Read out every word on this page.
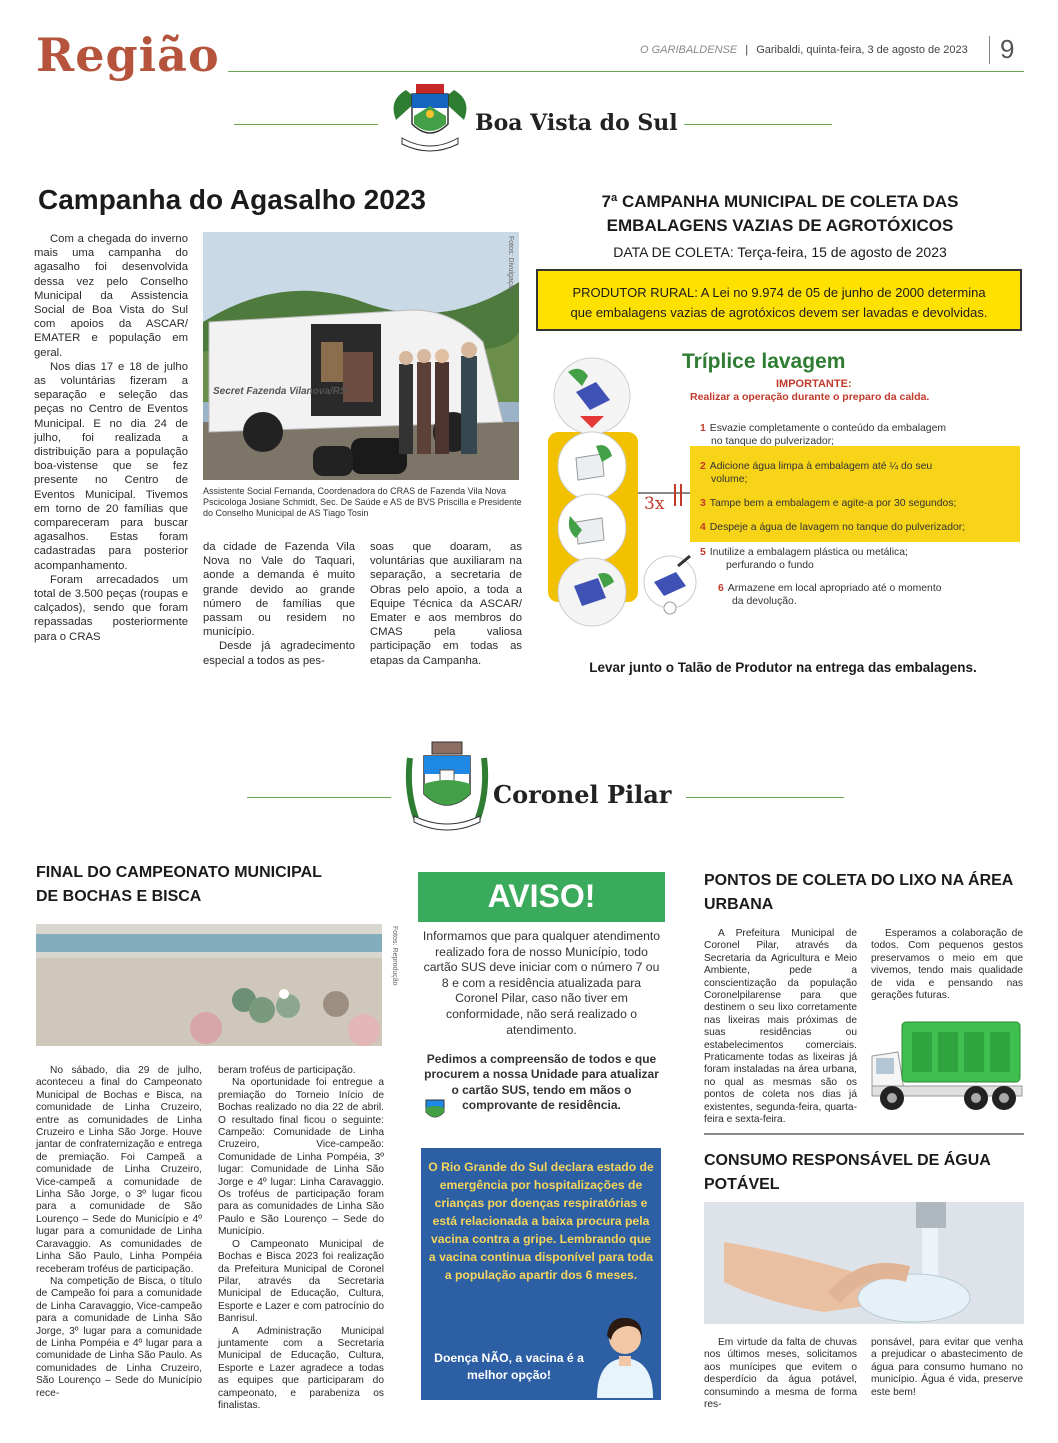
Região	O GARIBALDENSE | Garibaldi, quinta-feira, 3 de agosto de 2023 9
Boa Vista do Sul
Campanha do Agasalho 2023

Com a chegada do inverno mais uma campanha do agasalho foi desenvolvida dessa vez pelo Conselho Municipal da Assistencia Social de Boa Vista do Sul com apoios da ASCAR/ EMATER e população em geral.

Nos dias 17 e 18 de julho as voluntárias fizeram a separação e seleção das peças no Centro de Eventos Municipal. E no dia 24 de julho, foi realizada a distribuição para a população boa-vistense que se fez presente no Centro de Eventos Municipal. Tivemos em torno de 20 famílias que compareceram para buscar agasalhos. Estas foram cadastradas para posterior acompanhamento.

Foram arrecadados um total de 3.500 peças (roupas e calçados), sendo que foram repassadas posteriormente para o CRAS

Secret Fazenda Vilanova/RS
Fotos: Divulgação
Assistente Social Fernanda, Coordenadora do CRAS de Fazenda Vila Nova Pscicologa Josiane Schmidt, Sec. De Saúde e AS de BVS Priscilla e Presidente do Conselho Municipal de AS Tiago Tosin

da cidade de Fazenda Vila Nova no Vale do Taquari, aonde a demanda é muito grande devido ao grande número de famílias que passam ou residem no município.

Desde já agradecimento especial a todos as pes-

soas que doaram, as voluntárias que auxiliaram na separação, a secretaria de Obras pelo apoio, a toda a Equipe Técnica da ASCAR/ Emater e aos membros do CMAS pela valiosa participação em todas as etapas da Campanha.

7ª CAMPANHA MUNICIPAL DE COLETA DAS
EMBALAGENS VAZIAS DE AGROTÓXICOS
DATA DE COLETA: Terça-feira, 15 de agosto de 2023
PRODUTOR RURAL: A Lei no 9.974 de 05 de junho de 2000 determina
que embalagens vazias de agrotóxicos devem ser lavadas e devolvidas.
Tríplice lavagem
IMPORTANTE:
Realizar a operação durante o preparo da calda.
3x
1 Esvazie completamente o conteúdo da embalagem
no tanque do pulverizador;
2 Adicione água limpa à embalagem até ¼ do seu
volume;
3 Tampe bem a embalagem e agite-a por 30 segundos;
4 Despeje a água de lavagem no tanque do pulverizador;
5 Inutilize a embalagem plástica ou metálica;
perfurando o fundo
6 Armazene em local apropriado até o momento
da devolução.
Levar junto o Talão de Produtor na entrega das embalagens.
Coronel Pilar
FINAL DO CAMPEONATO MUNICIPAL
DE BOCHAS E BISCA
Fotos: Reprodução

No sábado, dia 29 de julho, aconteceu a final do Campeonato Municipal de Bochas e Bisca, na comunidade de Linha Cruzeiro, entre as comunidades de Linha Cruzeiro e Linha São Jorge. Houve jantar de confraternização e entrega de premiação. Foi Campeã a comunidade de Linha Cruzeiro, Vice-campeã a comunidade de Linha São Jorge, o 3º lugar ficou para a comunidade de São Lourenço – Sede do Município e 4º lugar para a comunidade de Linha Caravaggio. As comunidades de Linha São Paulo, Linha Pompéia receberam troféus de participação.

Na competição de Bisca, o título de Campeão foi para a comunidade de Linha Caravaggio, Vice-campeão para a comunidade de Linha São Jorge, 3º lugar para a comunidade de Linha Pompéia e 4º lugar para a comunidade de Linha São Paulo. As comunidades de Linha Cruzeiro, São Lourenço – Sede do Município rece-

beram troféus de participação.

Na oportunidade foi entregue a premiação do Torneio Início de Bochas realizado no dia 22 de abril. O resultado final ficou o seguinte: Campeão: Comunidade de Linha Cruzeiro, Vice-campeão: Comunidade de Linha Pompéia, 3º lugar: Comunidade de Linha São Jorge e 4º lugar: Linha Caravaggio. Os troféus de participação foram para as comunidades de Linha São Paulo e São Lourenço – Sede do Município.

O Campeonato Municipal de Bochas e Bisca 2023 foi realização da Prefeitura Municipal de Coronel Pilar, através da Secretaria Municipal de Educação, Cultura, Esporte e Lazer e com patrocínio do Banrisul.

A Administração Municipal juntamente com a Secretaria Municipal de Educação, Cultura, Esporte e Lazer agradece a todas as equipes que participaram do campeonato, e parabeniza os finalistas.

AVISO!
Informamos que para qualquer atendimento realizado fora de nosso Município, todo cartão SUS deve iniciar com o número 7 ou 8 e com a residência atualizada para Coronel Pilar, caso não tiver em conformidade, não será realizado o atendimento.
Pedimos a compreensão de todos e que procurem a nossa Unidade para atualizar o cartão SUS, tendo em mãos o comprovante de residência.
O Rio Grande do Sul declara estado de emergência por hospitalizações de crianças por doenças respiratórias e está relacionada a baixa procura pela vacina contra a gripe. Lembrando que a vacina continua disponível para toda a população apartir dos 6 meses.
Doença NÃO, a vacina é a melhor opção!
PONTOS DE COLETA DO LIXO NA ÁREA
URBANA

A Prefeitura Municipal de Coronel Pilar, através da Secretaria da Agricultura e Meio Ambiente, pede a conscientização da população Coronelpilarense para que destinem o seu lixo corretamente nas lixeiras mais próximas de suas residências ou estabelecimentos comerciais. Praticamente todas as lixeiras já foram instaladas na área urbana, no qual as mesmas são os pontos de coleta nos dias já existentes, segunda-feira, quarta-feira e sexta-feira.

Esperamos a colaboração de todos. Com pequenos gestos preservamos o meio em que vivemos, tendo mais qualidade de vida e pensando nas gerações futuras.

CONSUMO RESPONSÁVEL DE ÁGUA
POTÁVEL

Em virtude da falta de chuvas nos últimos meses, solicitamos aos munícipes que evitem o desperdício da água potável, consumindo a mesma de forma res-

ponsável, para evitar que venha a prejudicar o abastecimento de água para consumo humano no município. Água é vida, preserve este bem!
